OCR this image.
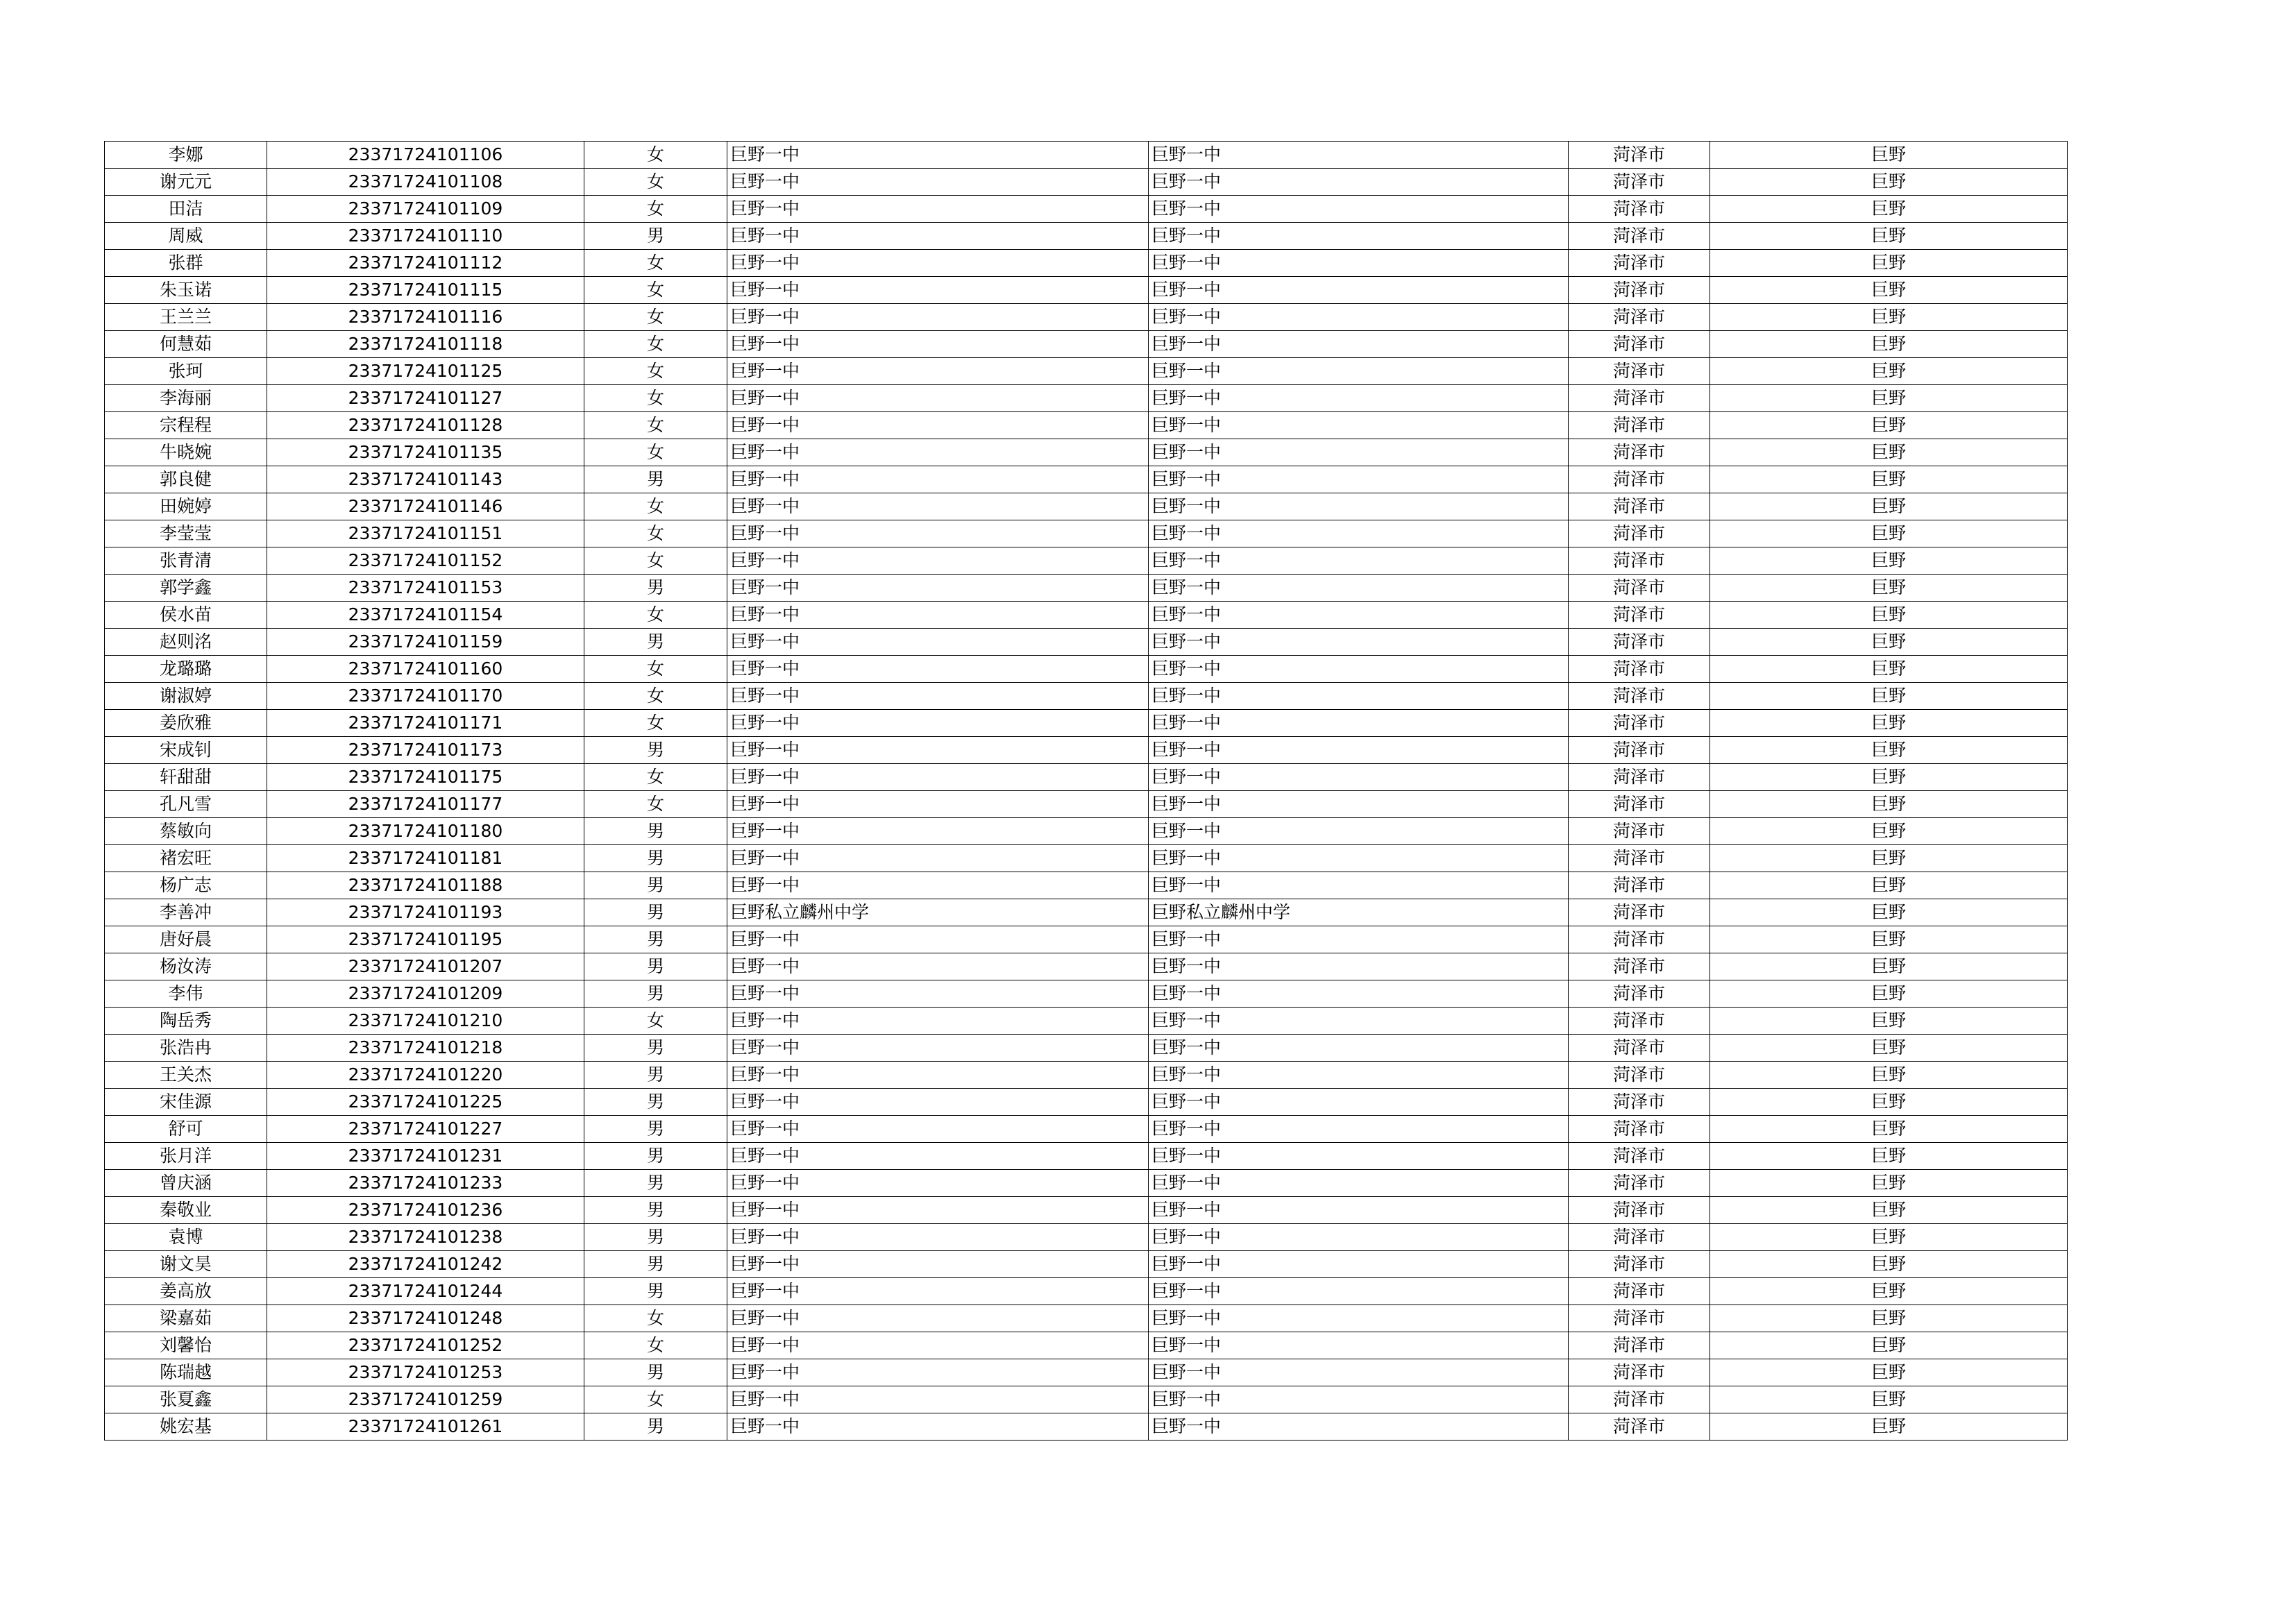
李娜	23371724101106	女	巨野一中	巨野一中	菏泽市	巨野
谢元元	23371724101108	女	巨野一中	巨野一中	菏泽市	巨野
田洁	23371724101109	女	巨野一中	巨野一中	菏泽市	巨野
周威	23371724101110	男	巨野一中	巨野一中	菏泽市	巨野
张群	23371724101112	女	巨野一中	巨野一中	菏泽市	巨野
朱玉诺	23371724101115	女	巨野一中	巨野一中	菏泽市	巨野
王兰兰	23371724101116	女	巨野一中	巨野一中	菏泽市	巨野
何慧茹	23371724101118	女	巨野一中	巨野一中	菏泽市	巨野
张珂	23371724101125	女	巨野一中	巨野一中	菏泽市	巨野
李海丽	23371724101127	女	巨野一中	巨野一中	菏泽市	巨野
宗程程	23371724101128	女	巨野一中	巨野一中	菏泽市	巨野
牛晓婉	23371724101135	女	巨野一中	巨野一中	菏泽市	巨野
郭良健	23371724101143	男	巨野一中	巨野一中	菏泽市	巨野
田婉婷	23371724101146	女	巨野一中	巨野一中	菏泽市	巨野
李莹莹	23371724101151	女	巨野一中	巨野一中	菏泽市	巨野
张青清	23371724101152	女	巨野一中	巨野一中	菏泽市	巨野
郭学鑫	23371724101153	男	巨野一中	巨野一中	菏泽市	巨野
侯水苗	23371724101154	女	巨野一中	巨野一中	菏泽市	巨野
赵则洺	23371724101159	男	巨野一中	巨野一中	菏泽市	巨野
龙璐璐	23371724101160	女	巨野一中	巨野一中	菏泽市	巨野
谢淑婷	23371724101170	女	巨野一中	巨野一中	菏泽市	巨野
姜欣雅	23371724101171	女	巨野一中	巨野一中	菏泽市	巨野
宋成钊	23371724101173	男	巨野一中	巨野一中	菏泽市	巨野
轩甜甜	23371724101175	女	巨野一中	巨野一中	菏泽市	巨野
孔凡雪	23371724101177	女	巨野一中	巨野一中	菏泽市	巨野
蔡敏向	23371724101180	男	巨野一中	巨野一中	菏泽市	巨野
褚宏旺	23371724101181	男	巨野一中	巨野一中	菏泽市	巨野
杨广志	23371724101188	男	巨野一中	巨野一中	菏泽市	巨野
李善冲	23371724101193	男	巨野私立麟州中学	巨野私立麟州中学	菏泽市	巨野
唐好晨	23371724101195	男	巨野一中	巨野一中	菏泽市	巨野
杨汝涛	23371724101207	男	巨野一中	巨野一中	菏泽市	巨野
李伟	23371724101209	男	巨野一中	巨野一中	菏泽市	巨野
陶岳秀	23371724101210	女	巨野一中	巨野一中	菏泽市	巨野
张浩冉	23371724101218	男	巨野一中	巨野一中	菏泽市	巨野
王关杰	23371724101220	男	巨野一中	巨野一中	菏泽市	巨野
宋佳源	23371724101225	男	巨野一中	巨野一中	菏泽市	巨野
舒可	23371724101227	男	巨野一中	巨野一中	菏泽市	巨野
张月洋	23371724101231	男	巨野一中	巨野一中	菏泽市	巨野
曾庆涵	23371724101233	男	巨野一中	巨野一中	菏泽市	巨野
秦敬业	23371724101236	男	巨野一中	巨野一中	菏泽市	巨野
袁博	23371724101238	男	巨野一中	巨野一中	菏泽市	巨野
谢文昊	23371724101242	男	巨野一中	巨野一中	菏泽市	巨野
姜高放	23371724101244	男	巨野一中	巨野一中	菏泽市	巨野
梁嘉茹	23371724101248	女	巨野一中	巨野一中	菏泽市	巨野
刘馨怡	23371724101252	女	巨野一中	巨野一中	菏泽市	巨野
陈瑞越	23371724101253	男	巨野一中	巨野一中	菏泽市	巨野
张夏鑫	23371724101259	女	巨野一中	巨野一中	菏泽市	巨野
姚宏基	23371724101261	男	巨野一中	巨野一中	菏泽市	巨野
